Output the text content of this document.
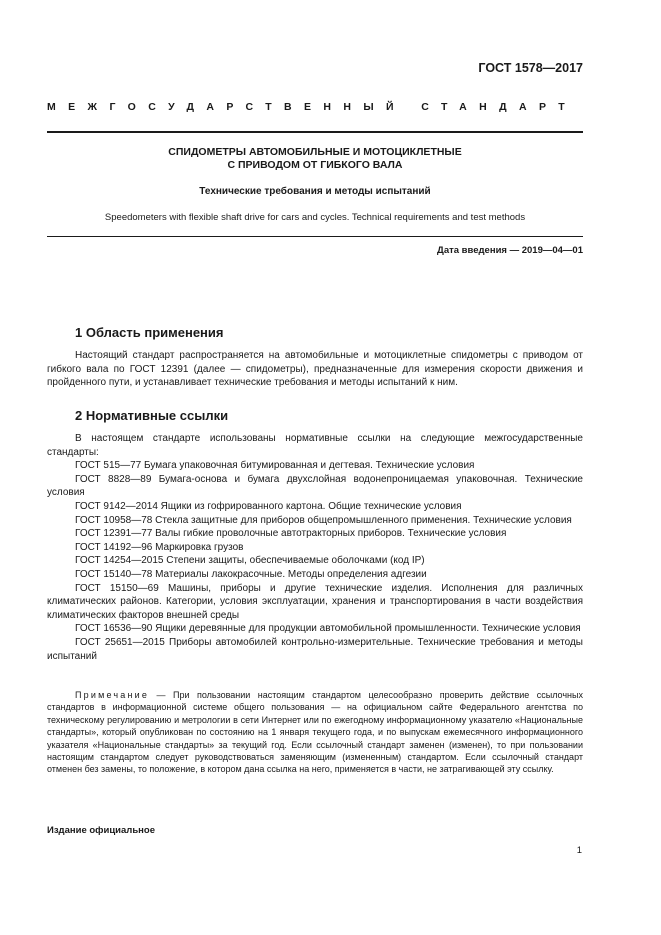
ГОСТ 1578—2017
МЕЖГОСУДАРСТВЕННЫЙ СТАНДАРТ
СПИДОМЕТРЫ АВТОМОБИЛЬНЫЕ И МОТОЦИКЛЕТНЫЕ
С ПРИВОДОМ ОТ ГИБКОГО ВАЛА
Технические требования и методы испытаний
Speedometers with flexible shaft drive for cars and cycles. Technical requirements and test methods
Дата введения — 2019—04—01
1 Область применения

Настоящий стандарт распространяется на автомобильные и мотоциклетные спидометры с приводом от гибкого вала по ГОСТ 12391 (далее — спидометры), предназначенные для измерения скорости движения и пройденного пути, и устанавливает технические требования и методы испытаний к ним.

2 Нормативные ссылки

В настоящем стандарте использованы нормативные ссылки на следующие межгосударственные стандарты:

ГОСТ 515—77 Бумага упаковочная битумированная и дегтевая. Технические условия

ГОСТ 8828—89 Бумага-основа и бумага двухслойная водонепроницаемая упаковочная. Технические условия

ГОСТ 9142—2014 Ящики из гофрированного картона. Общие технические условия

ГОСТ 10958—78 Стекла защитные для приборов общепромышленного применения. Технические условия

ГОСТ 12391—77 Валы гибкие проволочные автотракторных приборов. Технические условия

ГОСТ 14192—96 Маркировка грузов

ГОСТ 14254—2015 Степени защиты, обеспечиваемые оболочками (код IP)

ГОСТ 15140—78 Материалы лакокрасочные. Методы определения адгезии

ГОСТ 15150—69 Машины, приборы и другие технические изделия. Исполнения для различных климатических районов. Категории, условия эксплуатации, хранения и транспортирования в части воздействия климатических факторов внешней среды

ГОСТ 16536—90 Ящики деревянные для продукции автомобильной промышленности. Технические условия

ГОСТ 25651—2015 Приборы автомобилей контрольно-измерительные. Технические требования и методы испытаний

Примечание — При пользовании настоящим стандартом целесообразно проверить действие ссылочных стандартов в информационной системе общего пользования — на официальном сайте Федерального агентства по техническому регулированию и метрологии в сети Интернет или по ежегодному информационному указателю «Национальные стандарты», который опубликован по состоянию на 1 января текущего года, и по выпускам ежемесячного информационного указателя «Национальные стандарты» за текущий год. Если ссылочный стандарт заменен (изменен), то при пользовании настоящим стандартом следует руководствоваться заменяющим (измененным) стандартом. Если ссылочный стандарт отменен без замены, то положение, в котором дана ссылка на него, применяется в части, не затрагивающей эту ссылку.

Издание официальное
1
